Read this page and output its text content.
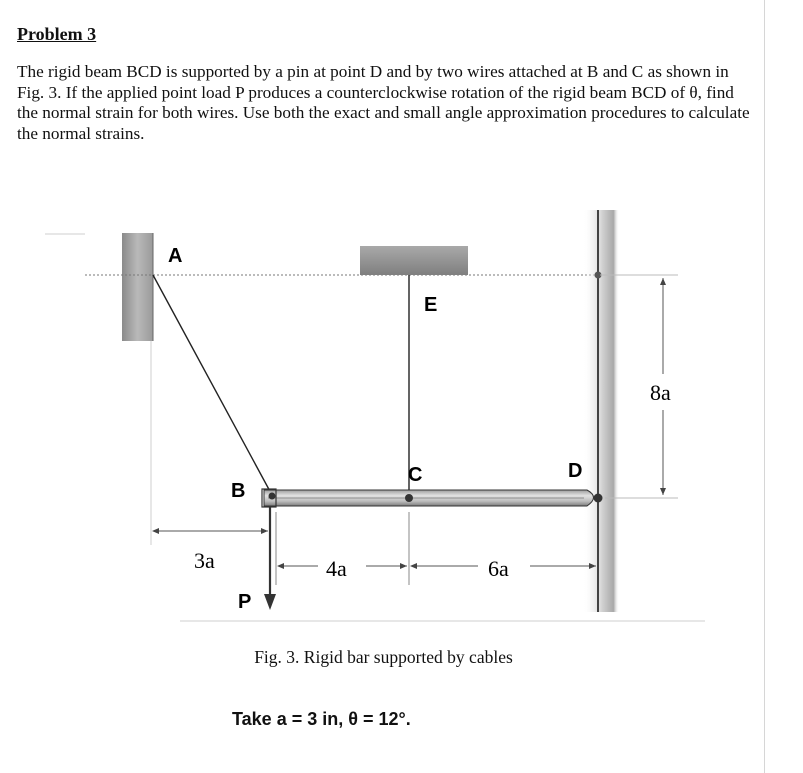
Problem 3
The rigid beam BCD is supported by a pin at point D and by two wires attached at B and C as shown in Fig. 3. If the applied point load P produces a counterclockwise rotation of the rigid beam BCD of θ, find the normal strain for both wires. Use both the exact and small angle approximation procedures to calculate the normal strains.
A
B
C	D
E
P
3a	4a	6a
8a
Fig. 3. Rigid bar supported by cables
Take a = 3 in, θ = 12°.
